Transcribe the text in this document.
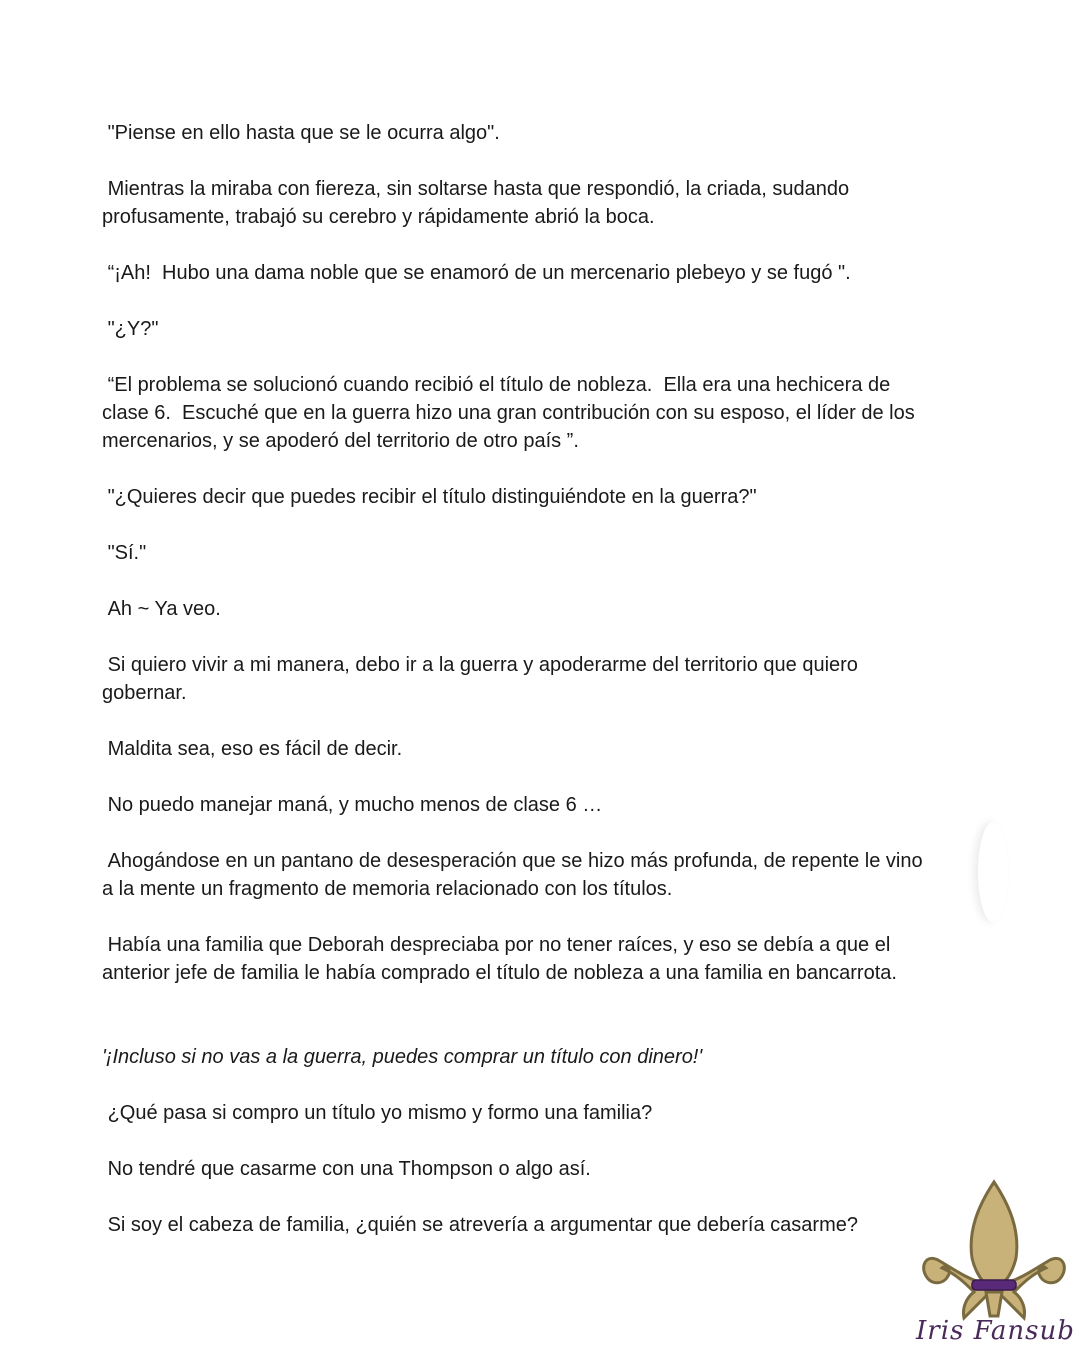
"Piense en ello hasta que se le ocurra algo".

Mientras la miraba con fiereza, sin soltarse hasta que respondió, la criada, sudando profusamente, trabajó su cerebro y rápidamente abrió la boca.

“¡Ah!  Hubo una dama noble que se enamoró de un mercenario plebeyo y se fugó ".

"¿Y?"

“El problema se solucionó cuando recibió el título de nobleza.  Ella era una hechicera de clase 6.  Escuché que en la guerra hizo una gran contribución con su esposo, el líder de los mercenarios, y se apoderó del territorio de otro país ”.

"¿Quieres decir que puedes recibir el título distinguiéndote en la guerra?"

"Sí."

Ah ~ Ya veo.

Si quiero vivir a mi manera, debo ir a la guerra y apoderarme del territorio que quiero gobernar.

Maldita sea, eso es fácil de decir.

No puedo manejar maná, y mucho menos de clase 6 …

Ahogándose en un pantano de desesperación que se hizo más profunda, de repente le vino a la mente un fragmento de memoria relacionado con los títulos.

Había una familia que Deborah despreciaba por no tener raíces, y eso se debía a que el anterior jefe de familia le había comprado el título de nobleza a una familia en bancarrota.

'¡Incluso si no vas a la guerra, puedes comprar un título con dinero!'

¿Qué pasa si compro un título yo mismo y formo una familia?

No tendré que casarme con una Thompson o algo así.

Si soy el cabeza de familia, ¿quién se atrevería a argumentar que debería casarme?

Iris Fansub
